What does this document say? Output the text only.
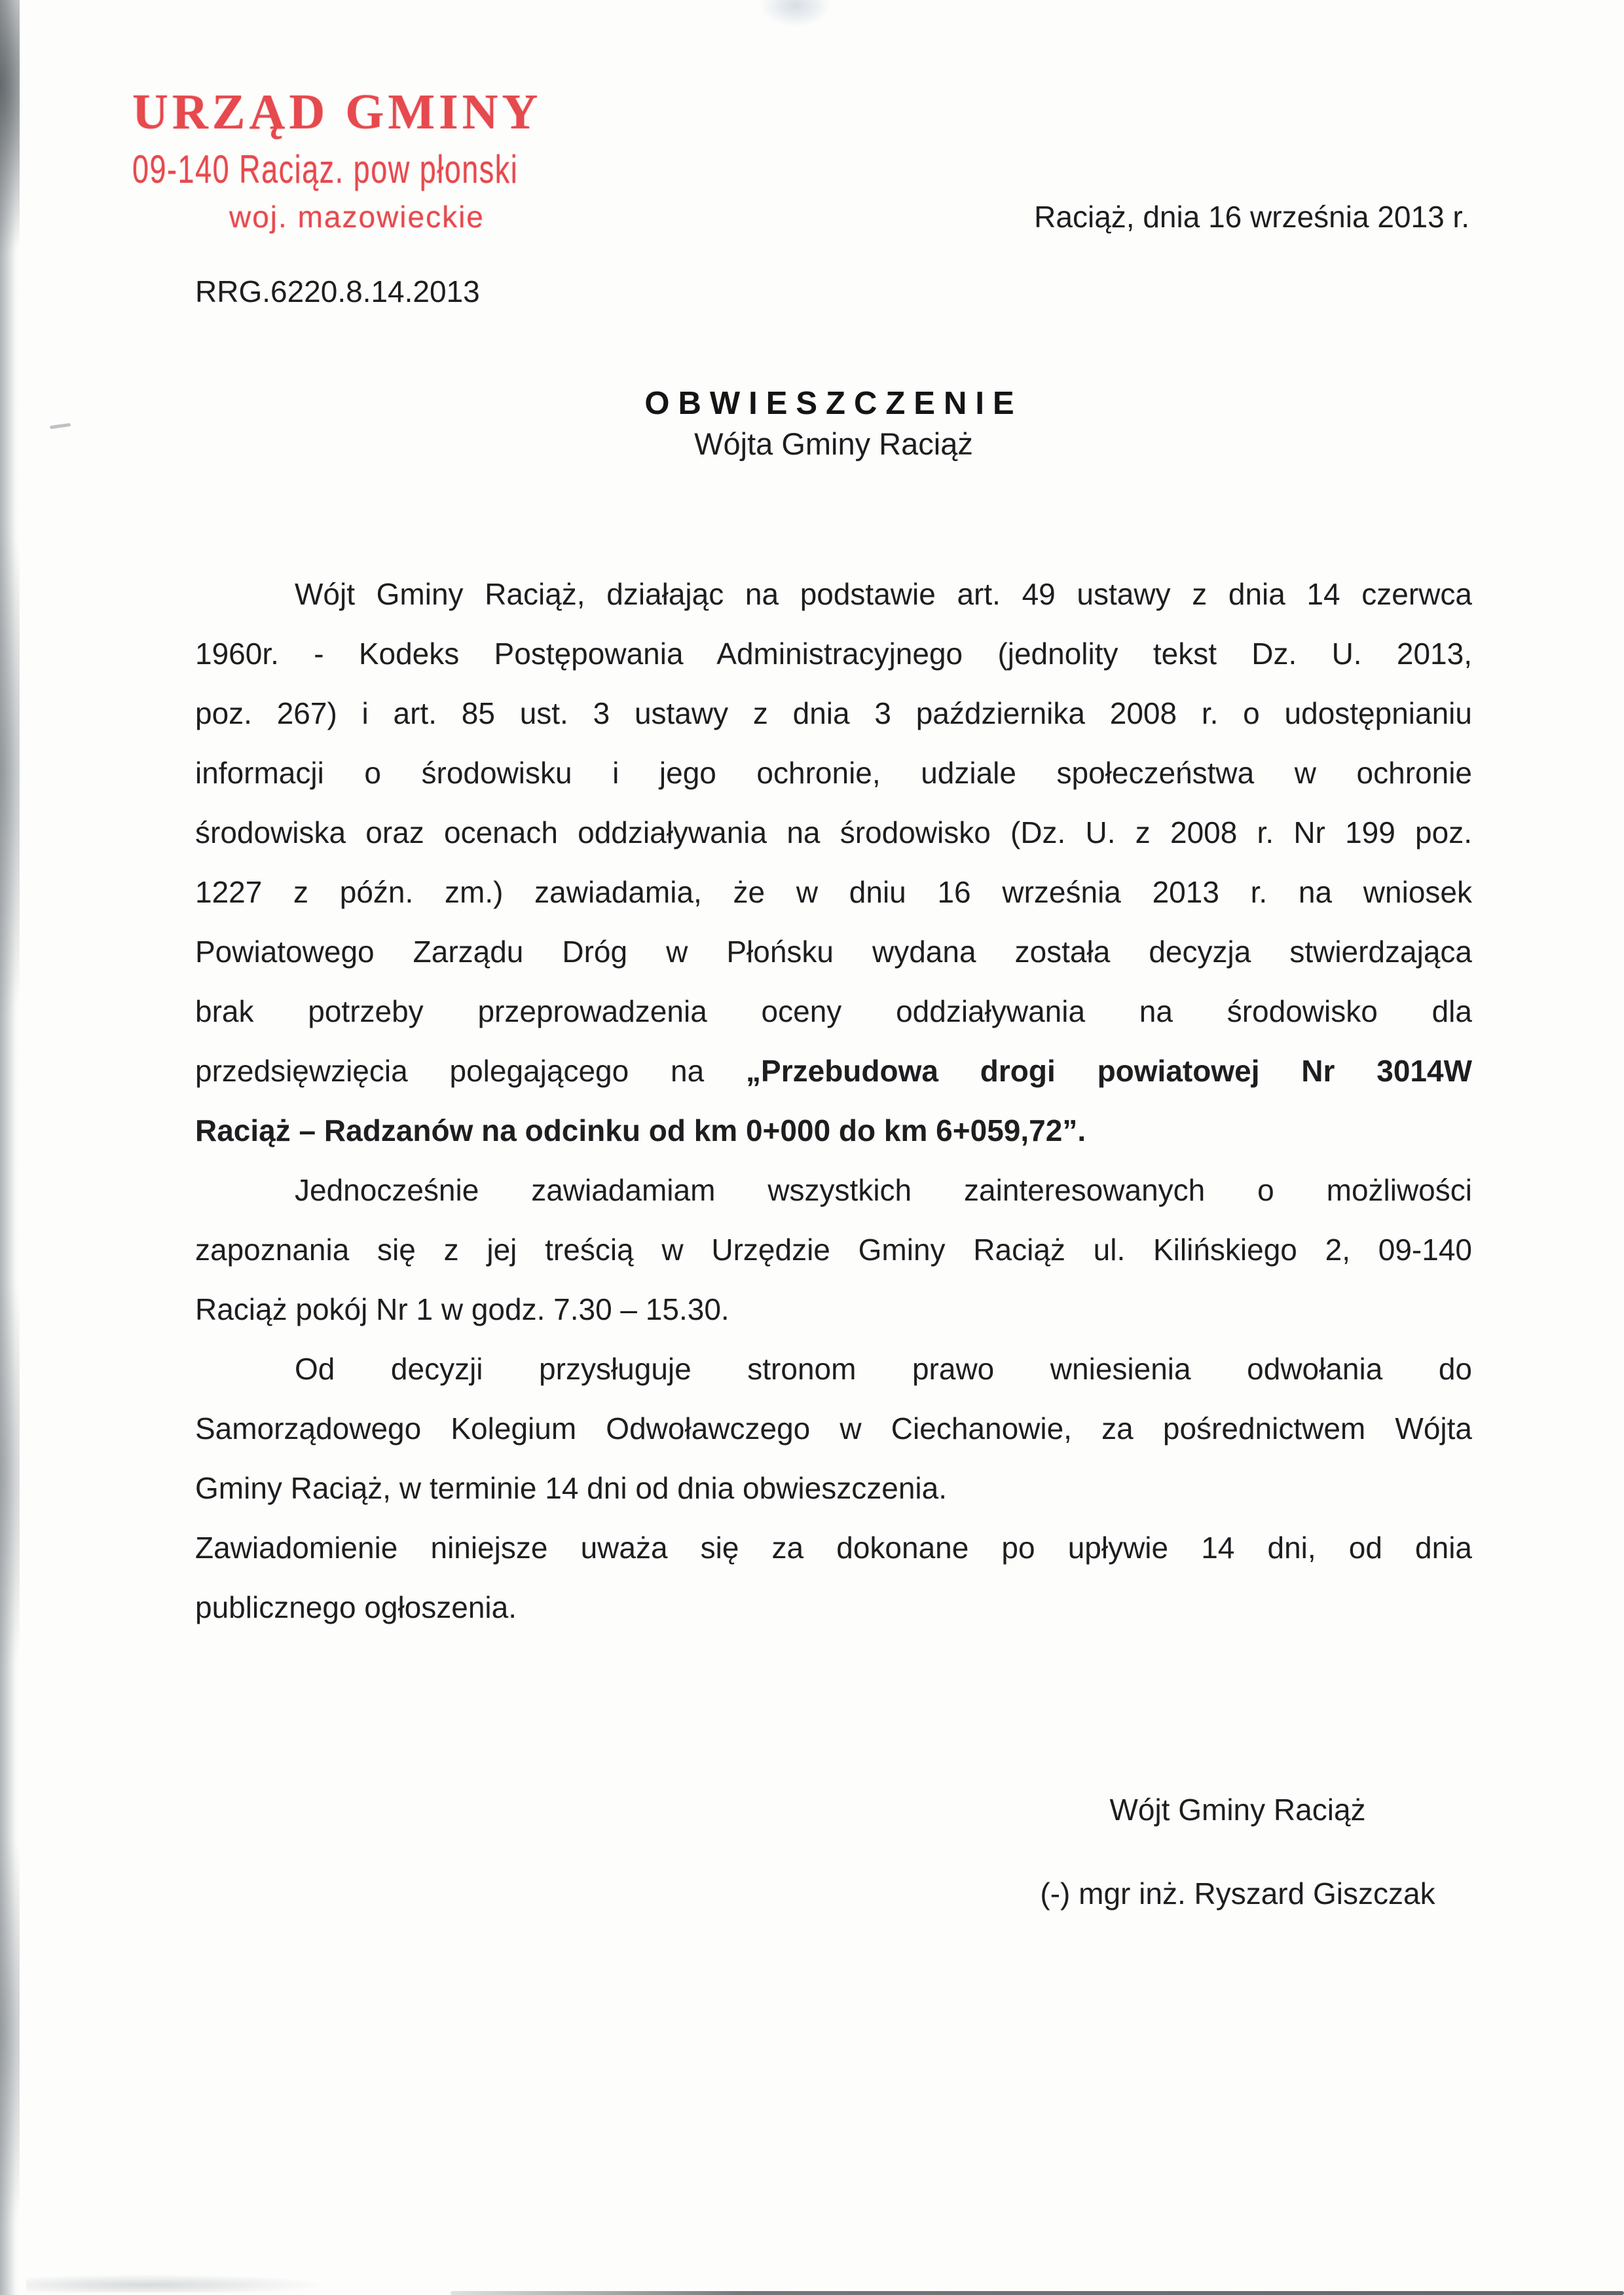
URZĄD GMINY
09-140 Raciąz. pow płonski
woj. mazowieckie	Raciąż, dnia 16 września 2013 r.
RRG.6220.8.14.2013
OBWIESZCZENIE
Wójta Gminy Raciąż
Wójt Gminy Raciąż, działając na podstawie art. 49 ustawy z dnia 14 czerwca
1960r. - Kodeks Postępowania Administracyjnego (jednolity tekst Dz. U. 2013,
poz. 267) i art. 85 ust. 3 ustawy z dnia 3 października 2008 r. o udostępnianiu
informacji o środowisku i jego ochronie, udziale społeczeństwa w ochronie
środowiska oraz ocenach oddziaływania na środowisko (Dz. U. z 2008 r. Nr 199 poz.
1227 z późn. zm.) zawiadamia, że w dniu 16 września 2013 r. na wniosek
Powiatowego Zarządu Dróg w Płońsku wydana została decyzja stwierdzająca
brak potrzeby przeprowadzenia oceny oddziaływania na środowisko dla
przedsięwzięcia polegającego na „Przebudowa drogi powiatowej Nr 3014W
Raciąż – Radzanów na odcinku od km 0+000 do km 6+059,72”.
Jednocześnie zawiadamiam wszystkich zainteresowanych o możliwości
zapoznania się z jej treścią w Urzędzie Gminy Raciąż ul. Kilińskiego 2, 09-140
Raciąż pokój Nr 1 w godz. 7.30 – 15.30.
Od decyzji przysługuje stronom prawo wniesienia odwołania do
Samorządowego Kolegium Odwoławczego w Ciechanowie, za pośrednictwem Wójta
Gminy Raciąż, w terminie 14 dni od dnia obwieszczenia.
Zawiadomienie niniejsze uważa się za dokonane po upływie 14 dni, od dnia
publicznego ogłoszenia.
Wójt Gminy Raciąż
(-) mgr inż. Ryszard Giszczak
